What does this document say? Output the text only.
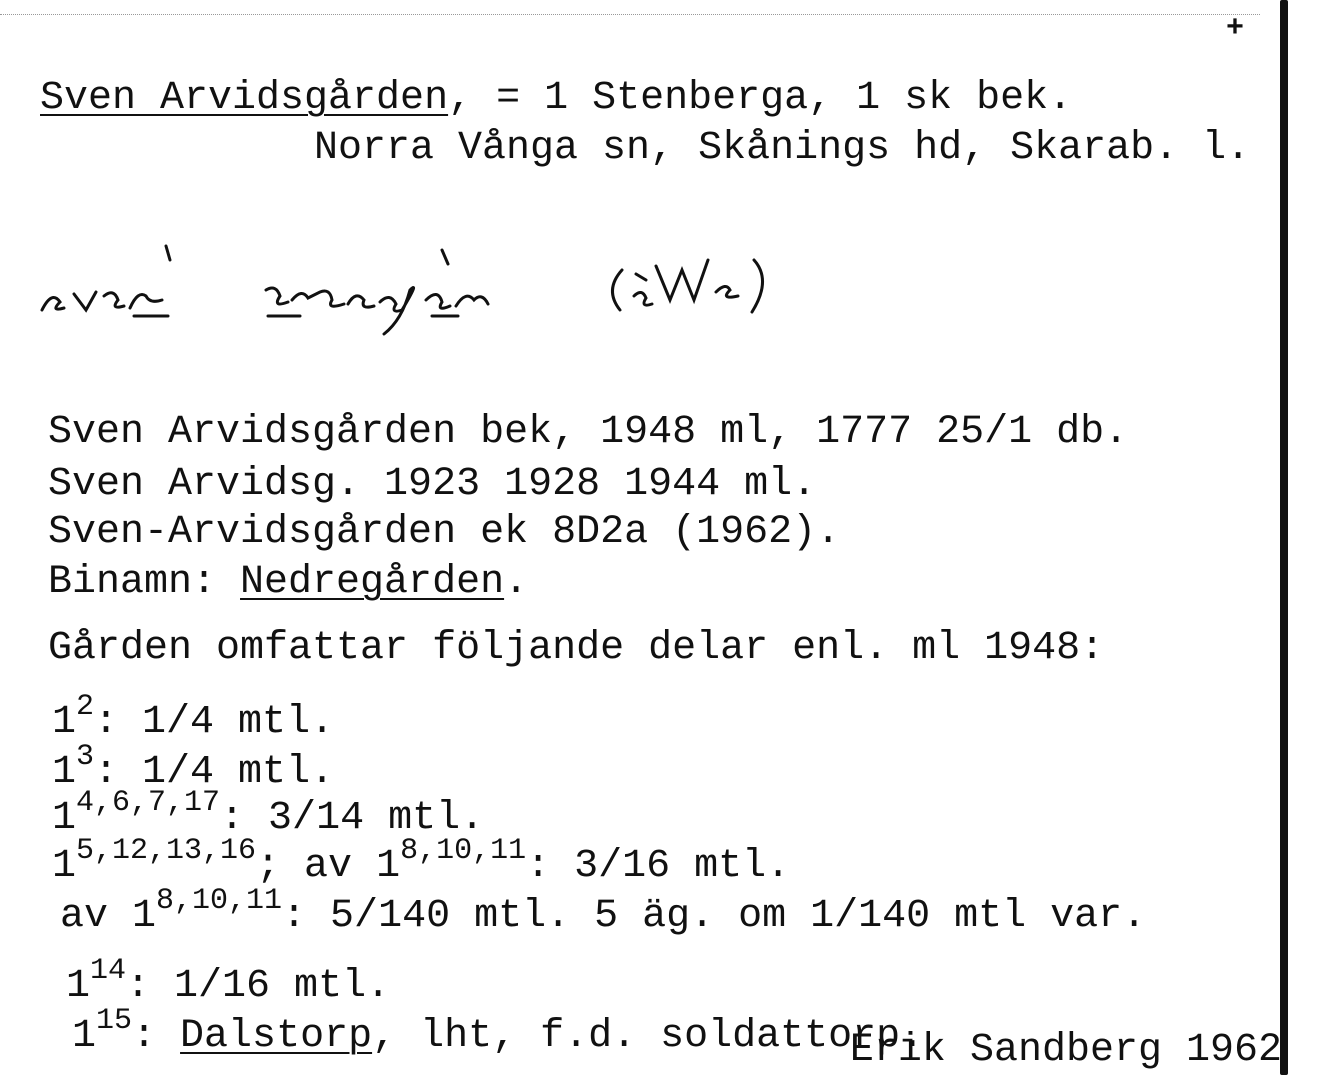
+
Sven Arvidsgården, = 1 Stenberga, 1 sk bek.
Norra Vånga sn, Skånings hd, Skarab. l.
Sven Arvidsgården bek, 1948 ml, 1777 25/1 db.
Sven Arvidsg. 1923 1928 1944 ml.
Sven-Arvidsgården ek 8D2a (1962).
Binamn: Nedregården.
Gården omfattar följande delar enl. ml 1948:
$1^2$: 1/4 mtl.
$1^3$: 1/4 mtl.
1$^{4,6,7,17}$: 3/14 mtl.
1$^{5,12,13,16}$; av 1$^{8,10,11}$: 3/16 mtl.
av 1$^{8,10,11}$: 5/140 mtl. 5 äg. om 1/140 mtl var.
$1^{14}$: 1/16 mtl.
$1^{15}$: Dalstorp, lht, f.d. soldattorp.
Erik Sandberg 1962
